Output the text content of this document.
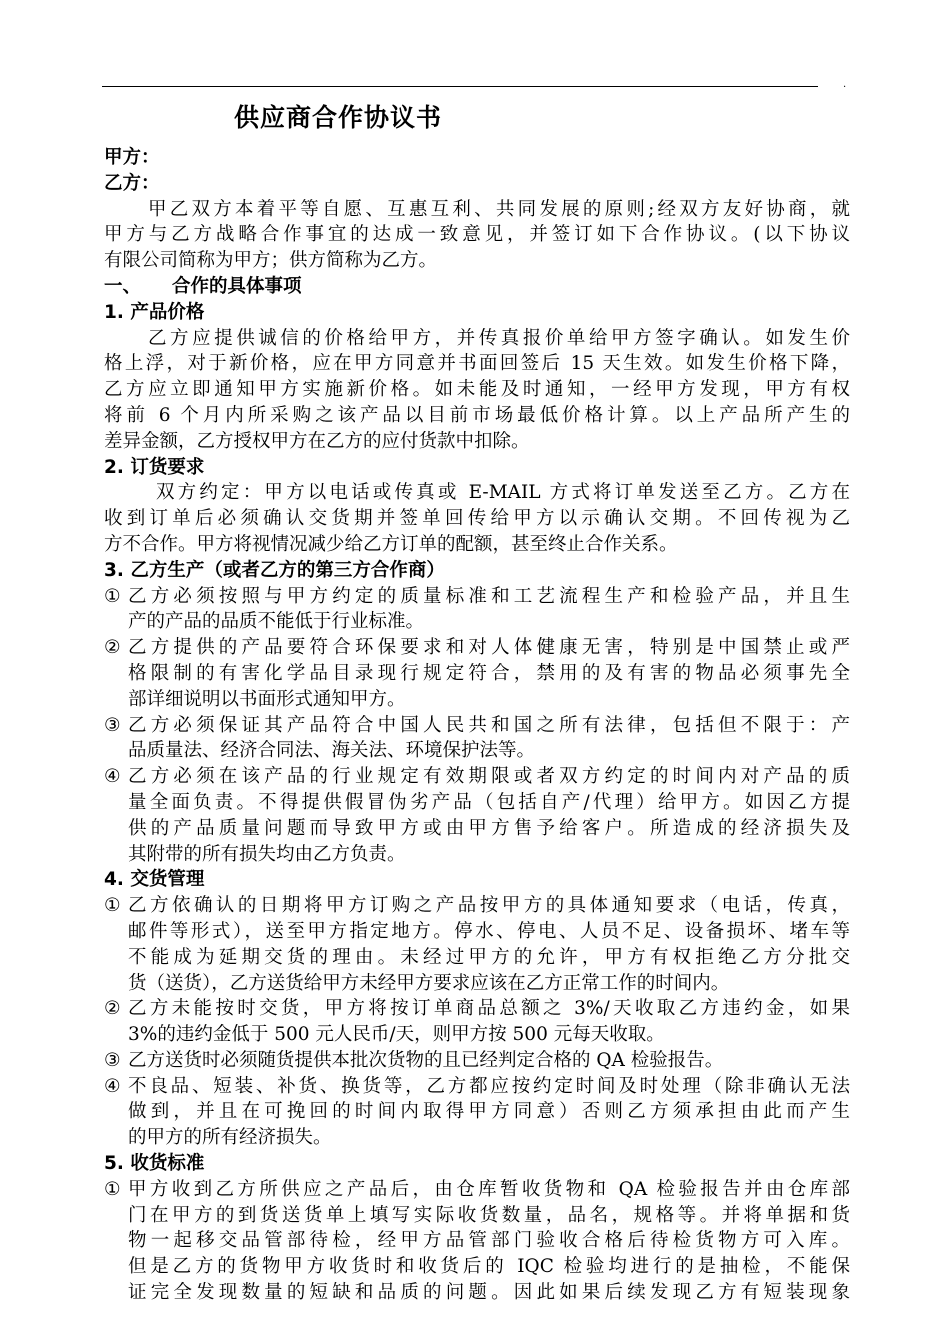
.
供应商合作协议书
甲方：
乙方：
甲乙双方本着平等自愿、互惠互利、共同发展的原则;经双方友好协商，就
甲方与乙方战略合作事宜的达成一致意见，并签订如下合作协议。(以下协议
有限公司简称为甲方；供方简称为乙方。
一、	合作的具体事项
1. 产品价格
乙方应提供诚信的价格给甲方，并传真报价单给甲方签字确认。如发生价
格上浮，对于新价格，应在甲方同意并书面回签后 15 天生效。如发生价格下降，
乙方应立即通知甲方实施新价格。如未能及时通知，一经甲方发现，甲方有权
将前 6 个月内所采购之该产品以目前市场最低价格计算。以上产品所产生的
差异金额，乙方授权甲方在乙方的应付货款中扣除。
2. 订货要求
双方约定：甲方以电话或传真或 E-MAIL 方式将订单发送至乙方。乙方在
收到订单后必须确认交货期并签单回传给甲方以示确认交期。不回传视为乙
方不合作。甲方将视情况减少给乙方订单的配额，甚至终止合作关系。
3. 乙方生产（或者乙方的第三方合作商）
① 乙方必须按照与甲方约定的质量标准和工艺流程生产和检验产品，并且生
产的产品的品质不能低于行业标准。
② 乙方提供的产品要符合环保要求和对人体健康无害，特别是中国禁止或严
格限制的有害化学品目录现行规定符合，禁用的及有害的物品必须事先全
部详细说明以书面形式通知甲方。
③ 乙方必须保证其产品符合中国人民共和国之所有法律，包括但不限于：产
品质量法、经济合同法、海关法、环境保护法等。
④ 乙方必须在该产品的行业规定有效期限或者双方约定的时间内对产品的质
量全面负责。不得提供假冒伪劣产品（包括自产/代理）给甲方。如因乙方提
供的产品质量问题而导致甲方或由甲方售予给客户。所造成的经济损失及
其附带的所有损失均由乙方负责。
4. 交货管理
① 乙方依确认的日期将甲方订购之产品按甲方的具体通知要求（电话，传真，
邮件等形式），送至甲方指定地方。停水、停电、人员不足、设备损坏、堵车等
不能成为延期交货的理由。未经过甲方的允许，甲方有权拒绝乙方分批交
货（送货），乙方送货给甲方未经甲方要求应该在乙方正常工作的时间内。
② 乙方未能按时交货，甲方将按订单商品总额之 3%/天收取乙方违约金，如果
3%的违约金低于 500 元人民币/天，则甲方按 500 元每天收取。
③ 乙方送货时必须随货提供本批次货物的且已经判定合格的 QA 检验报告。
④ 不良品、短装、补货、换货等，乙方都应按约定时间及时处理（除非确认无法
做到，并且在可挽回的时间内取得甲方同意）否则乙方须承担由此而产生
的甲方的所有经济损失。
5. 收货标准
① 甲方收到乙方所供应之产品后，由仓库暂收货物和 QA 检验报告并由仓库部
门在甲方的到货送货单上填写实际收货数量，品名，规格等。并将单据和货
物一起移交品管部待检，经甲方品管部门验收合格后待检货物方可入库。
但是乙方的货物甲方收货时和收货后的 IQC 检验均进行的是抽检，不能保
证完全发现数量的短缺和品质的问题。因此如果后续发现乙方有短装现象
